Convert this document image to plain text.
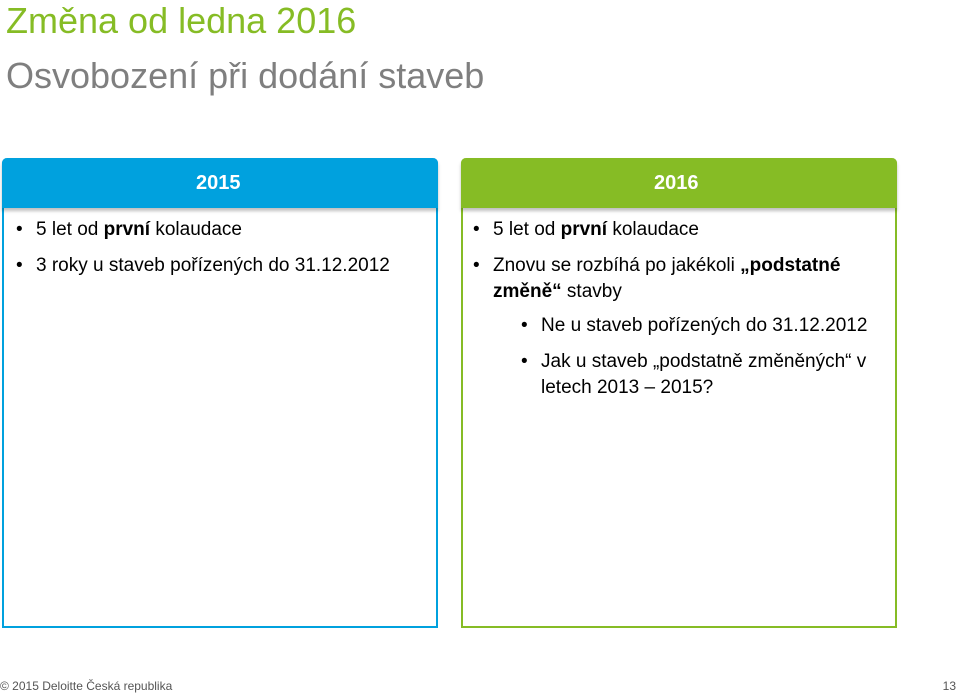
Změna od ledna 2016
Osvobození při dodání staveb
2015
• 5 let od první kolaudace
• 3 roky u staveb pořízených do 31.12.2012
2016
• 5 let od první kolaudace
• Znovu se rozbíhá po jakékoli „podstatné změně“ stavby
• Ne u staveb pořízených do 31.12.2012
• Jak u staveb „podstatně změněných“ v letech 2013 – 2015?
© 2015 Deloitte Česká republika	13
